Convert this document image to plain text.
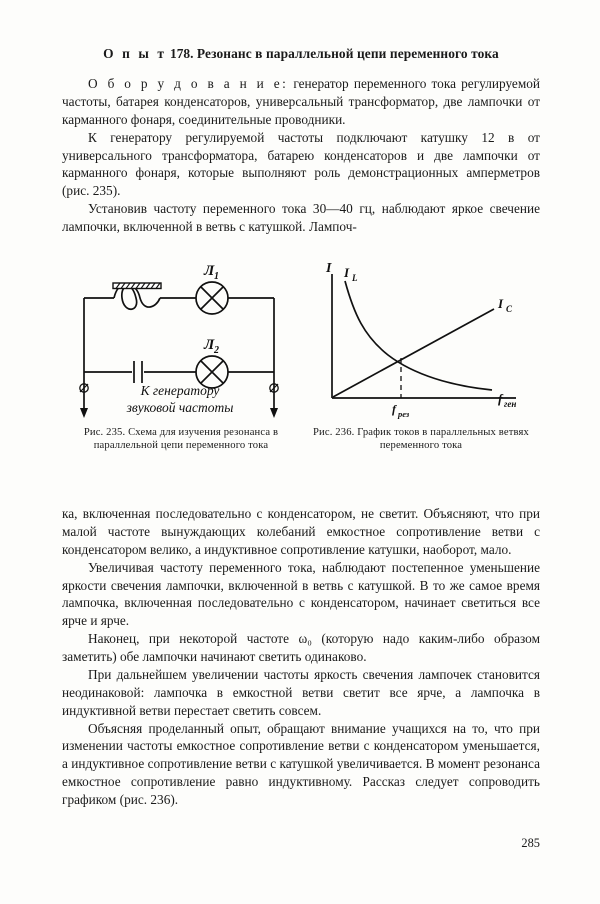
О п ы т 178. Резонанс в параллельной цепи переменного тока

О б о р у д о в а н и е: генератор переменного тока регулируемой частоты, батарея конденсаторов, универсальный трансформатор, две лампочки от карманного фонаря, соединительные проводники.

К генератору регулируемой частоты подключают катушку 12 в от универсального трансформатора, батарею конденсаторов и две лампочки от карманного фонаря, которые выполняют роль демонстрационных амперметров (рис. 235).

Установив частоту переменного тока 30—40 гц, наблюдают яркое свечение лампочки, включенной в ветвь с катушкой. Лампоч-

Л 1
Л 2
К генератору
звуковой частоты
Рис. 235. Схема для изучения резонанса в параллельной цепи переменного тока
I I L
I C
f ген
f рез
Рис. 236. График токов в параллельных ветвях переменного тока

ка, включенная последовательно с конденсатором, не светит. Объясняют, что при малой частоте вынуждающих колебаний емкостное сопротивление ветви с конденсатором велико, а индуктивное сопротивление катушки, наоборот, мало.

Увеличивая частоту переменного тока, наблюдают постепенное уменьшение яркости свечения лампочки, включенной в ветвь с катушкой. В то же самое время лампочка, включенная последовательно с конденсатором, начинает светиться все ярче и ярче.

Наконец, при некоторой частоте ω₀ (которую надо каким-либо образом заметить) обе лампочки начинают светить одинаково.

При дальнейшем увеличении частоты яркость свечения лампочек становится неодинаковой: лампочка в емкостной ветви светит все ярче, а лампочка в индуктивной ветви перестает светить совсем.

Объясняя проделанный опыт, обращают внимание учащихся на то, что при изменении частоты емкостное сопротивление ветви с конденсатором уменьшается, а индуктивное сопротивление ветви с катушкой увеличивается. В момент резонанса емкостное сопротивление равно индуктивному. Рассказ следует сопроводить графиком (рис. 236).

285
